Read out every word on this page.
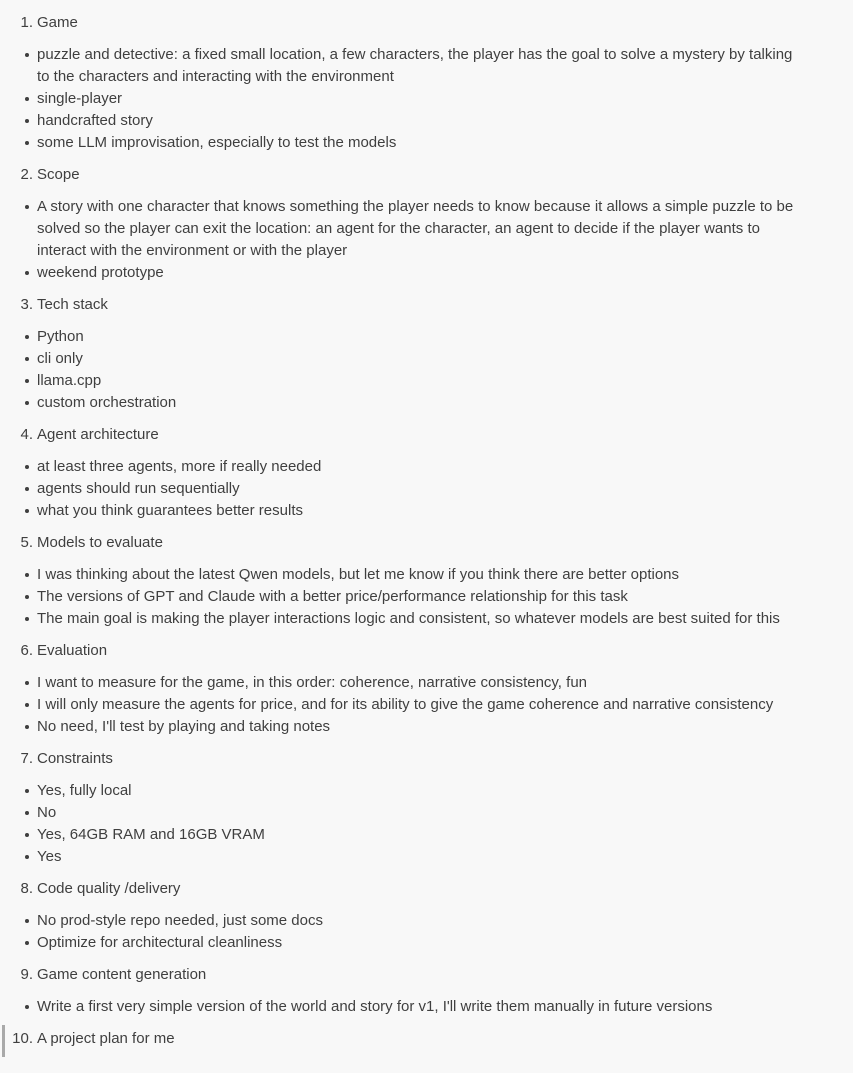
1. Game
puzzle and detective: a fixed small location, a few characters, the player has the goal to solve a mystery by talking to the characters and interacting with the environment
single-player
handcrafted story
some LLM improvisation, especially to test the models
2. Scope
A story with one character that knows something the player needs to know because it allows a simple puzzle to be solved so the player can exit the location: an agent for the character, an agent to decide if the player wants to interact with the environment or with the player
weekend prototype
3. Tech stack
Python
cli only
llama.cpp
custom orchestration
4. Agent architecture
at least three agents, more if really needed
agents should run sequentially
what you think guarantees better results
5. Models to evaluate
I was thinking about the latest Qwen models, but let me know if you think there are better options
The versions of GPT and Claude with a better price/performance relationship for this task
The main goal is making the player interactions logic and consistent, so whatever models are best suited for this
6. Evaluation
I want to measure for the game, in this order: coherence, narrative consistency, fun
I will only measure the agents for price, and for its ability to give the game coherence and narrative consistency
No need, I'll test by playing and taking notes
7. Constraints
Yes, fully local
No
Yes, 64GB RAM and 16GB VRAM
Yes
8. Code quality /delivery
No prod-style repo needed, just some docs
Optimize for architectural cleanliness
9. Game content generation
Write a first very simple version of the world and story for v1, I'll write them manually in future versions
10. A project plan for me
